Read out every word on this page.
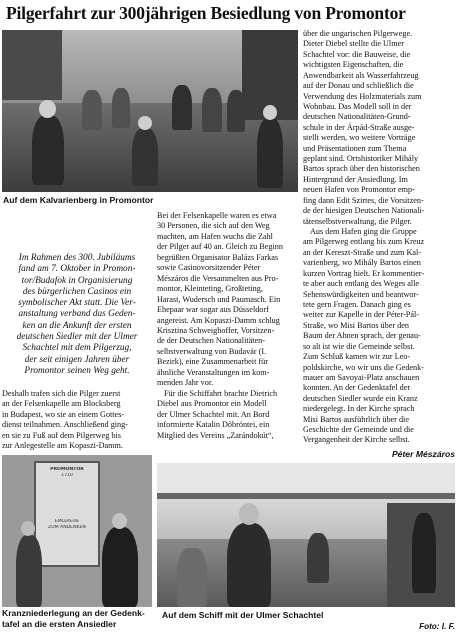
Pilgerfahrt zur 300jährigen Besiedlung von Promontor
Auf dem Kalvarienberg in Promontor
Im Rahmen des 300. Jubiläums
fand am 7. Oktober in Promon-
tor/Budafok in Organisierung
des bürgerlichen Casinos ein
symbolischer Akt statt. Die Ver-
anstaltung verband das Geden-
ken an die Ankunft der ersten
deutschen Siedler mit der Ulmer
Schachtel mit dem Pilgerzug,
der seit einigen Jahren über
Promontor seinen Weg geht.
Deshalb trafen sich die Pilger zuerst
an der Felsenkapelle am Blocksberg
in Budapest, wo sie an einem Gottes-
dienst teilnahmen. Anschließend ging-
en sie zu Fuß auf dem Pilgerweg bis
zur Anlegestelle am Kopaszi-Damm.
PROMONTOR
1710
EMLEKERE
ZUM ANDENKEN
Kranzniederlegung an der Gedenk-
tafel an die ersten Ansiedler
Bei der Felsenkapelle waren es etwa
30 Personen, die sich auf den Weg
machten, am Hafen wuchs die Zahl
der Pilger auf 40 an. Gleich zu Beginn
begrüßten Organisator Balázs Farkas
sowie Casinovorsitzender Péter
Mészáros die Versammelten aus Pro-
montor, Kleinteting, Großteting,
Harast, Wudersch und Paumasch. Ein
Ehepaar war sogar aus Düsseldorf
angereist. Am Kopaszi-Damm schlug
Krisztina Schweighoffer, Vorsitzen-
de der Deutschen Nationalitäten-
selbstverwaltung von Budavár (I.
Bezirk), eine Zusammenarbeit für
ähnliche Veranstaltungen im kom-
menden Jahr vor.
Für die Schiffahrt brachte Dietrich
Diebel aus Promontor ein Modell
der Ulmer Schachtel mit. An Bord
informierte Katalin Döbröntei, ein
Mitglied des Vereins „Zarándokút“,
über die ungarischen Pilgerwege.
Dieter Diebel stellte die Ulmer
Schachtel vor: die Bauweise, die
wichtigsten Eigenschaften, die
Anwendbarkeit als Wasserfahrzeug
auf der Donau und schließlich die
Verwendung des Holzmaterials zum
Wohnbau. Das Modell soll in der
deutschen Nationalitäten-Grund-
schule in der Árpád-Straße ausge-
stellt werden, wo weitere Vorträge
und Präsentationen zum Thema
geplant sind. Ortshistoriker Mihály
Bartos sprach über den historischen
Hintergrund der Ansiedlung. Im
neuen Hafen von Promontor emp-
fing dann Edit Szirtes, die Vorsitzen-
de der hiesigen Deutschen Nationali-
tätenselbstverwaltung, die Pilger.
Aus dem Hafen ging die Gruppe
am Pilgerweg entlang bis zum Kreuz
an der Kereszt-Straße und zum Kal-
varienberg, wo Mihály Bartos einen
kurzen Vortrag hielt. Er kommentier-
te aber auch entlang des Weges alle
Sehenswürdigkeiten und beantwor-
tete gern Fragen. Danach ging es
weiter zur Kapelle in der Péter-Pál-
Straße, wo Misi Bartos über den
Baum der Ahnen sprach, der genau-
so alt ist wie die Gemeinde selbst.
Zum Schluß kamen wir zur Leo-
poldskirche, wo wir uns die Gedenk-
mauer am Savoyai-Platz anschauen
konnten. An der Gedenktafel der
deutschen Siedler wurde ein Kranz
niedergelegt. In der Kirche sprach
Misi Bartos ausführlich über die
Geschichte der Gemeinde und die
Vergangenheit der Kirche selbst.
Péter Mészáros
Auf dem Schiff mit der Ulmer Schachtel
Foto: I. F.
